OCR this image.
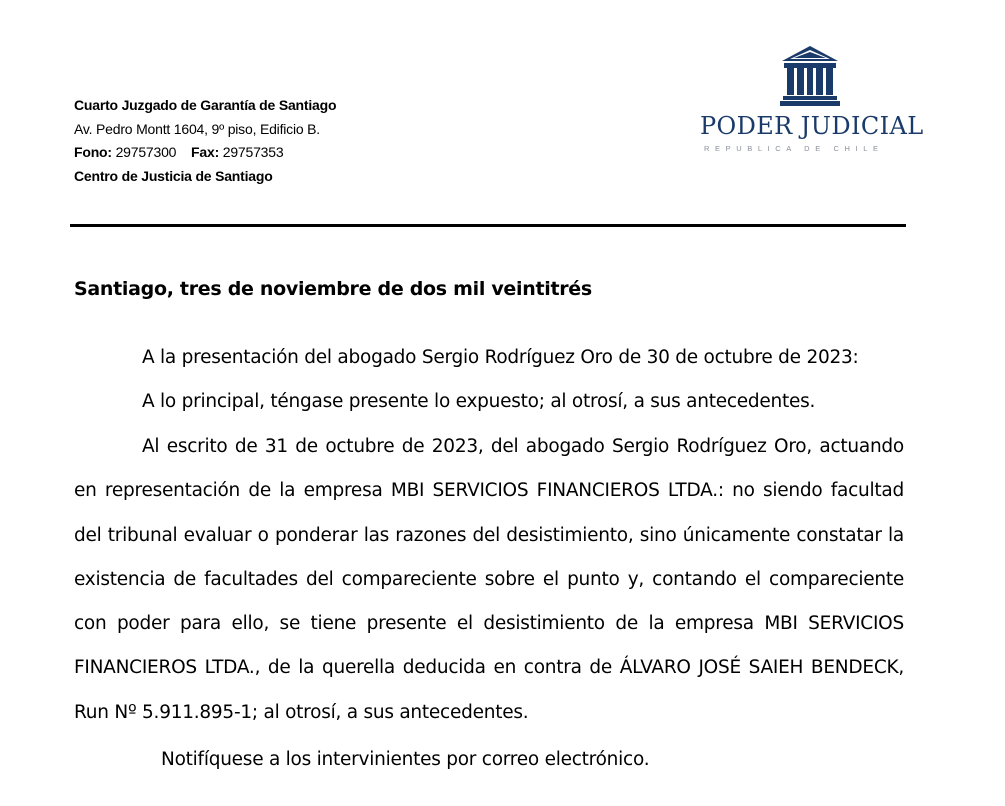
Cuarto Juzgado de Garantía de Santiago
Av. Pedro Montt 1604, 9º piso, Edificio B.
Fono: 29757300 Fax: 29757353
Centro de Justicia de Santiago
PODER JUDICIAL
REPUBLICA DE CHILE
Santiago, tres de noviembre de dos mil veintitrés
A la presentación del abogado Sergio Rodríguez Oro de 30 de octubre de 2023:
A lo principal, téngase presente lo expuesto; al otrosí, a sus antecedentes.
Al escrito de 31 de octubre de 2023, del abogado Sergio Rodríguez Oro, actuando en representación de la empresa MBI SERVICIOS FINANCIEROS LTDA.: no siendo facultad del tribunal evaluar o ponderar las razones del desistimiento, sino únicamente constatar la existencia de facultades del compareciente sobre el punto y, contando el compareciente con poder para ello, se tiene presente el desistimiento de la empresa MBI SERVICIOS FINANCIEROS LTDA., de la querella deducida en contra de ÁLVARO JOSÉ SAIEH BENDECK, Run Nº 5.911.895-1; al otrosí, a sus antecedentes.
Notifíquese a los intervinientes por correo electrónico.
